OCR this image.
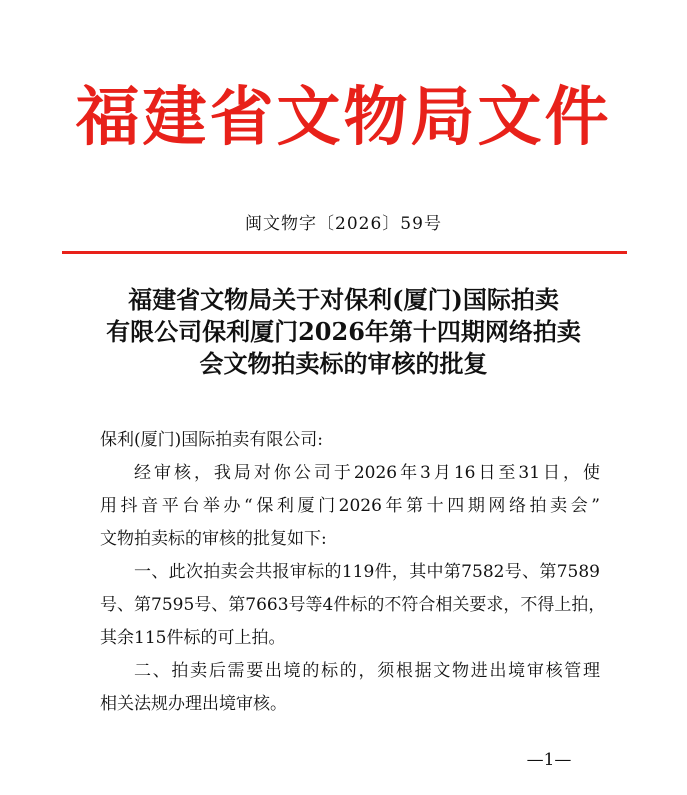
福建省文物局文件
闽文物字〔2026〕59号
福建省文物局关于对保利(厦门)国际拍卖
有限公司保利厦门2026年第十四期网络拍卖
会文物拍卖标的审核的批复
保利(厦门)国际拍卖有限公司:
经审核，我局对你公司于2026年3月16日至31日，使
用抖音平台举办“保利厦门2026年第十四期网络拍卖会”
文物拍卖标的审核的批复如下:
一、此次拍卖会共报审标的119件，其中第7582号、第7589
号、第7595号、第7663号等4件标的不符合相关要求，不得上拍，
其余115件标的可上拍。
二、拍卖后需要出境的标的，须根据文物进出境审核管理
相关法规办理出境审核。
—1—
